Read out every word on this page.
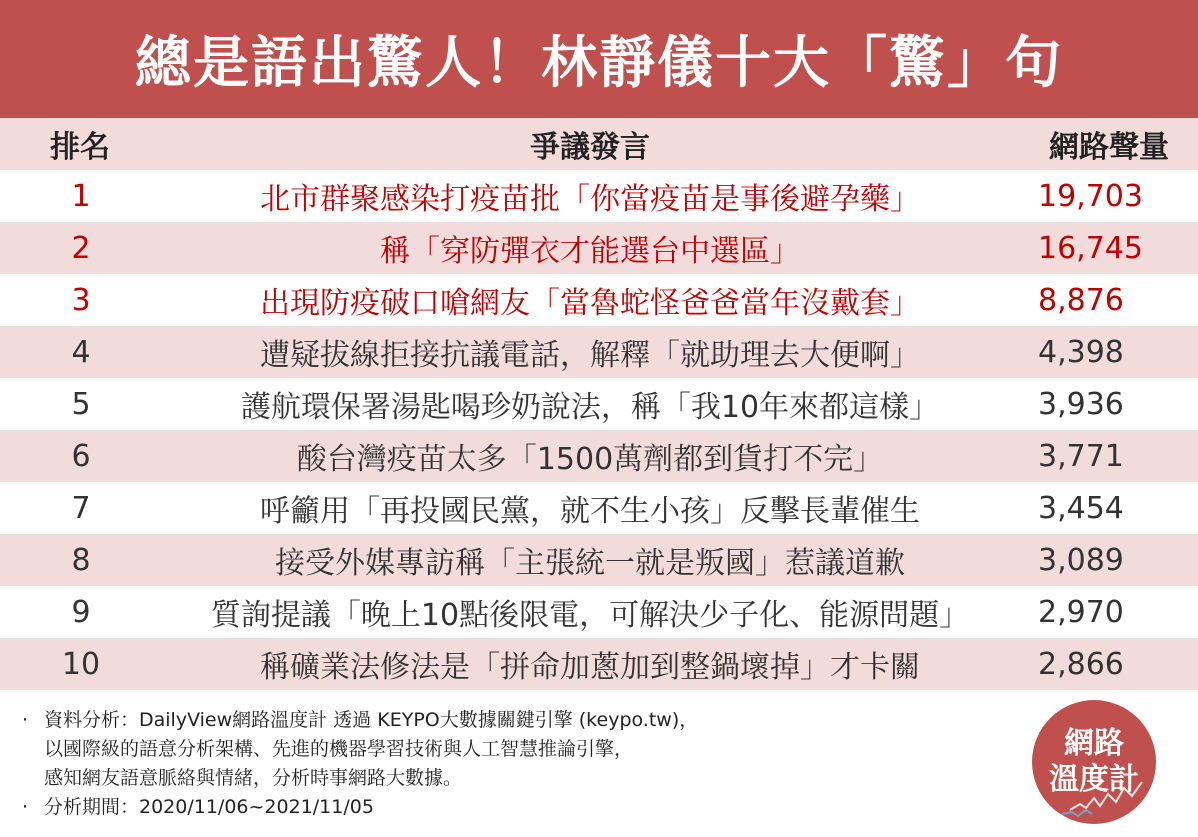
總是語出驚人！林靜儀十大「驚」句
排名	爭議發言	網路聲量
1	北市群聚感染打疫苗批「你當疫苗是事後避孕藥」	19,703
2	稱「穿防彈衣才能選台中選區」	16,745
3	出現防疫破口嗆網友「當魯蛇怪爸爸當年沒戴套」	8,876
4	遭疑拔線拒接抗議電話，解釋「就助理去大便啊」	4,398
5	護航環保署湯匙喝珍奶說法，稱「我10年來都這樣」	3,936
6	酸台灣疫苗太多「1500萬劑都到貨打不完」	3,771
7	呼籲用「再投國民黨，就不生小孩」反擊長輩催生	3,454
8	接受外媒專訪稱「主張統一就是叛國」惹議道歉	3,089
9	質詢提議「晚上10點後限電，可解決少子化、能源問題」	2,970
10	稱礦業法修法是「拼命加蔥加到整鍋壞掉」才卡關	2,866
· 資料分析：DailyView網路溫度計 透過 KEYPO大數據關鍵引擎 (keypo.tw)，
以國際級的語意分析架構、先進的機器學習技術與人工智慧推論引擎，
感知網友語意脈絡與情緒，分析時事網路大數據。
· 分析期間：2020/11/06~2021/11/05
網路
溫度計
